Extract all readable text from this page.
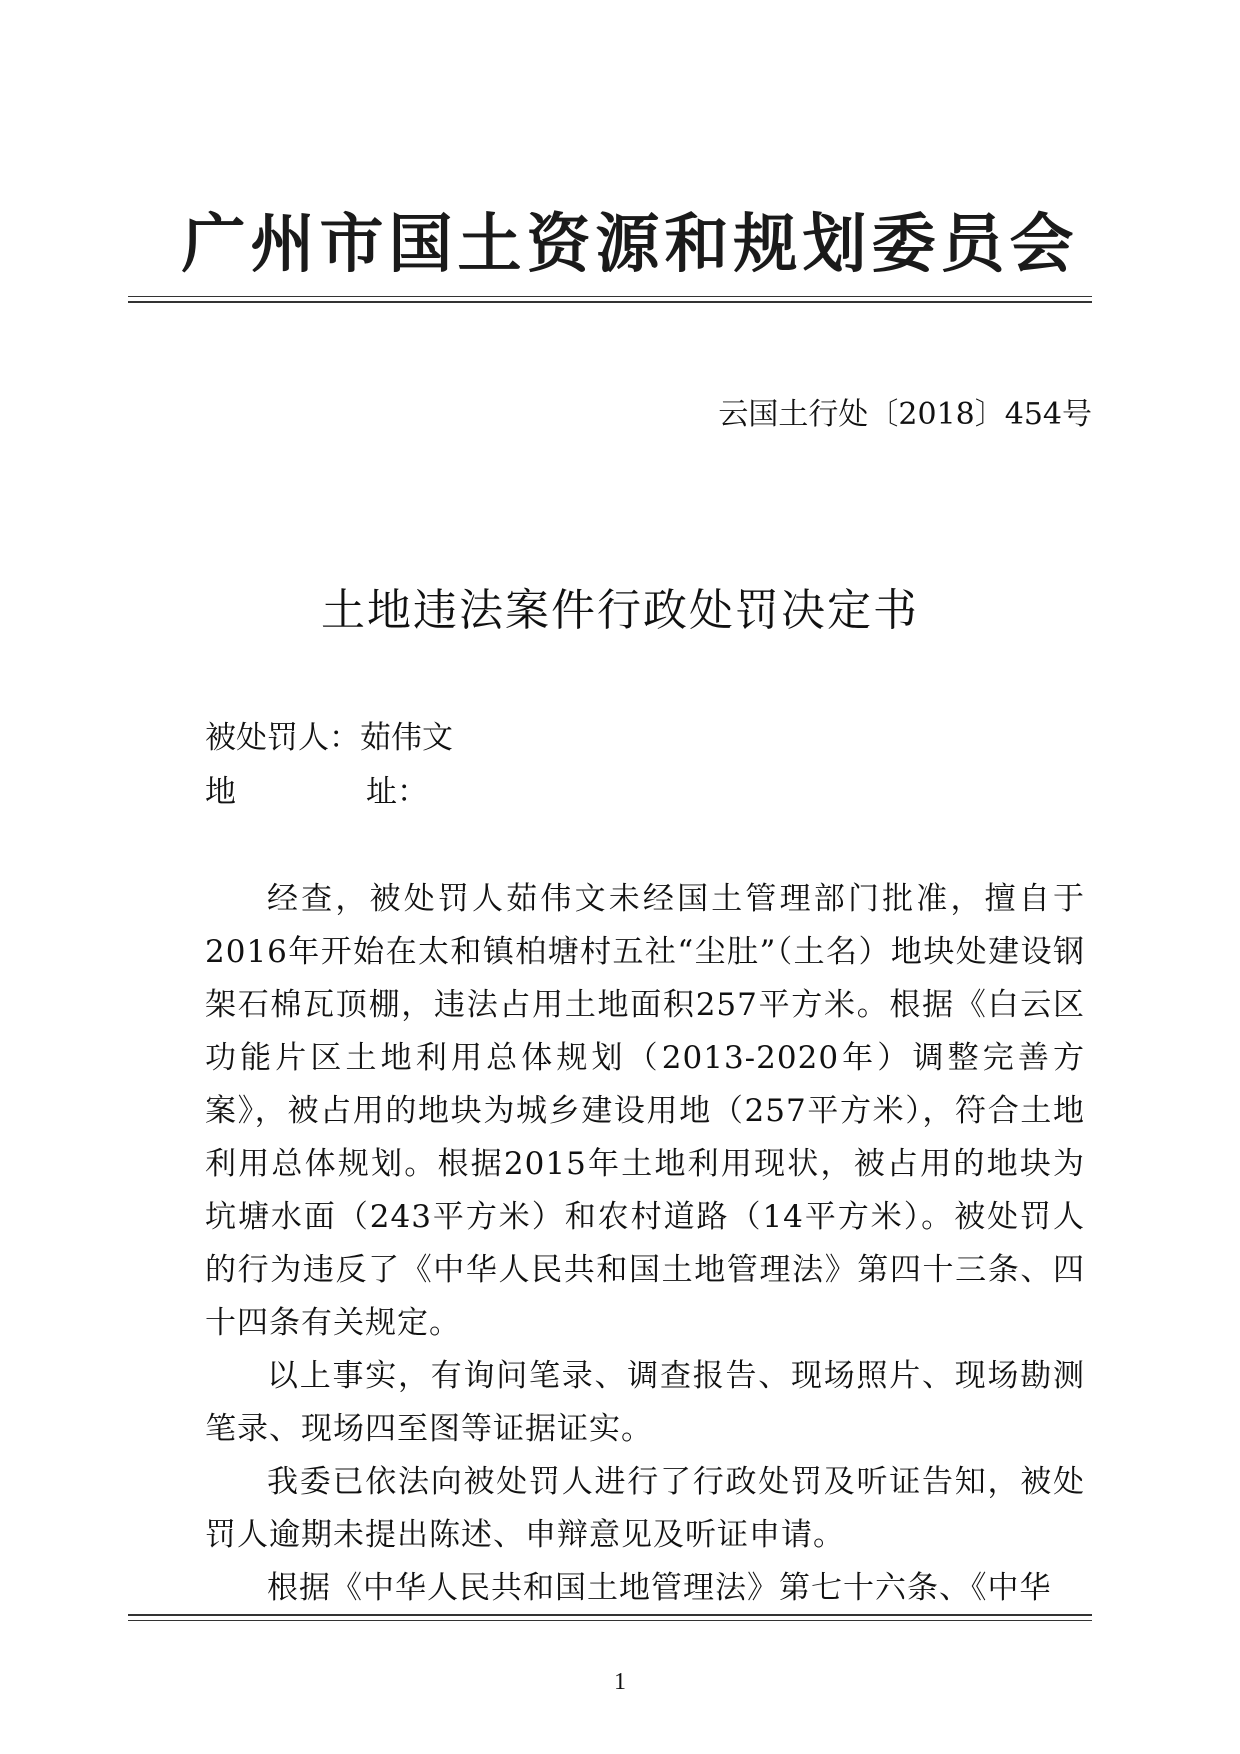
广州市国土资源和规划委员会
云国土行处〔2018〕454号
土地违法案件行政处罚决定书
被处罚人：茹伟文
地	址：

经查，被处罚人茹伟文未经国土管理部门批准，擅自于2016年开始在太和镇柏塘村五社“尘肚”（土名）地块处建设钢架石棉瓦顶棚，违法占用土地面积257平方米。根据《白云区功能片区土地利用总体规划（2013-2020年）调整完善方案》，被占用的地块为城乡建设用地（257平方米），符合土地利用总体规划。根据2015年土地利用现状，被占用的地块为坑塘水面（243平方米）和农村道路（14平方米）。被处罚人的行为违反了《中华人民共和国土地管理法》第四十三条、四十四条有关规定。

以上事实，有询问笔录、调查报告、现场照片、现场勘测笔录、现场四至图等证据证实。

我委已依法向被处罚人进行了行政处罚及听证告知，被处罚人逾期未提出陈述、申辩意见及听证申请。

根据《中华人民共和国土地管理法》第七十六条、《中华

1
